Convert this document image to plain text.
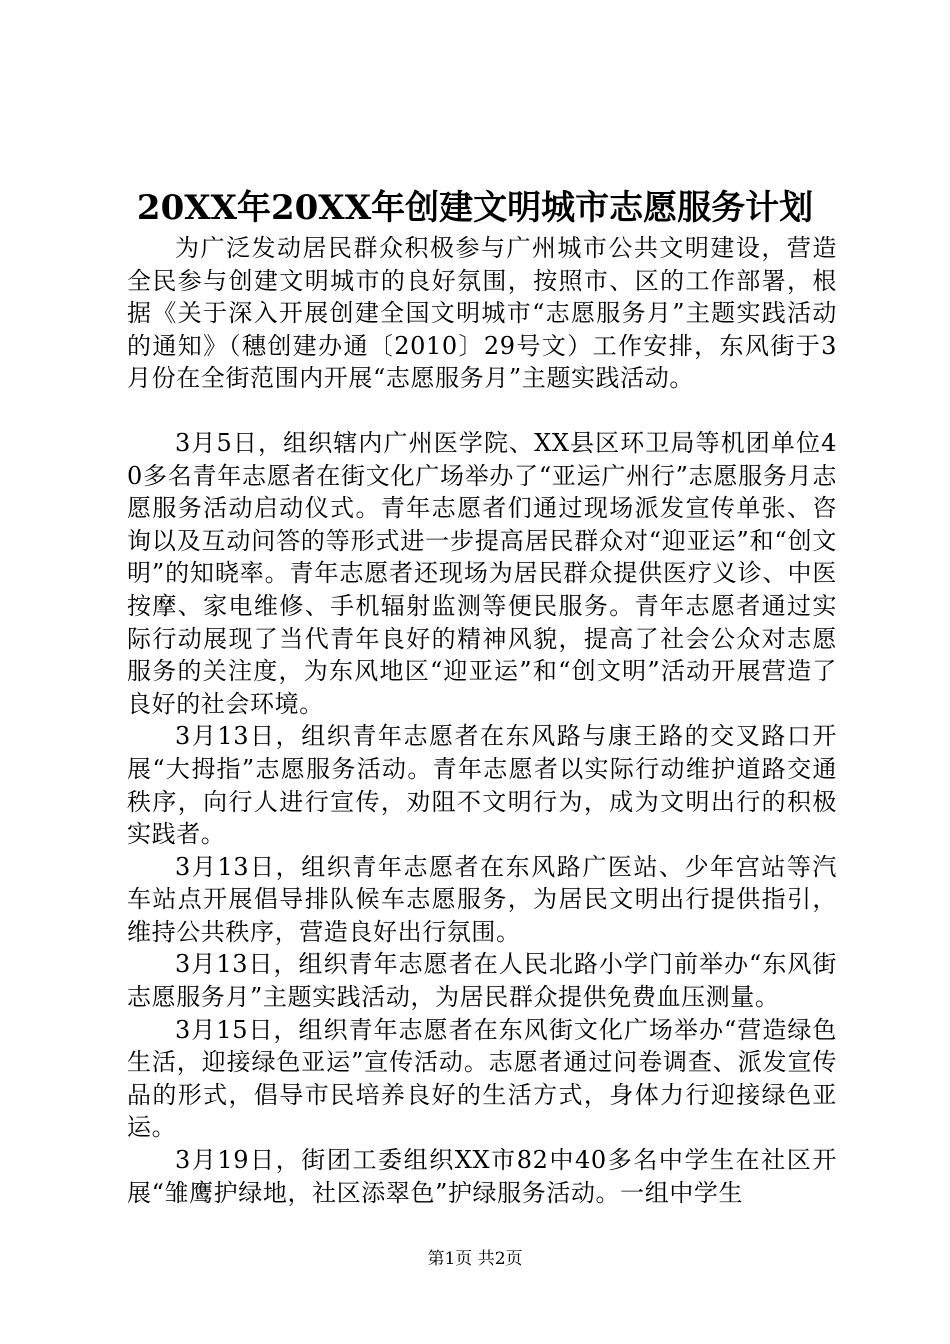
20XX年20XX年创建文明城市志愿服务计划

为广泛发动居民群众积极参与广州城市公共文明建设，营造全民参与创建文明城市的良好氛围，按照市、区的工作部署，根据《关于深入开展创建全国文明城市“志愿服务月”主题实践活动的通知》（穗创建办通〔2010〕29号文）工作安排，东风街于3月份在全街范围内开展“志愿服务月”主题实践活动。

3月5日，组织辖内广州医学院、XX县区环卫局等机团单位40多名青年志愿者在街文化广场举办了“亚运广州行”志愿服务月志愿服务活动启动仪式。青年志愿者们通过现场派发宣传单张、咨询以及互动问答的等形式进一步提高居民群众对“迎亚运”和“创文明”的知晓率。青年志愿者还现场为居民群众提供医疗义诊、中医按摩、家电维修、手机辐射监测等便民服务。青年志愿者通过实际行动展现了当代青年良好的精神风貌，提高了社会公众对志愿服务的关注度，为东风地区“迎亚运”和“创文明”活动开展营造了良好的社会环境。

3月13日，组织青年志愿者在东风路与康王路的交叉路口开展“大拇指”志愿服务活动。青年志愿者以实际行动维护道路交通秩序，向行人进行宣传，劝阻不文明行为，成为文明出行的积极实践者。

3月13日，组织青年志愿者在东风路广医站、少年宫站等汽车站点开展倡导排队候车志愿服务，为居民文明出行提供指引，维持公共秩序，营造良好出行氛围。

3月13日，组织青年志愿者在人民北路小学门前举办“东风街志愿服务月”主题实践活动，为居民群众提供免费血压测量。

3月15日，组织青年志愿者在东风街文化广场举办“营造绿色生活，迎接绿色亚运”宣传活动。志愿者通过问卷调查、派发宣传品的形式，倡导市民培养良好的生活方式，身体力行迎接绿色亚运。

3月19日，街团工委组织XX市82中40多名中学生在社区开展“雏鹰护绿地，社区添翠色”护绿服务活动。一组中学生

第1页 共2页
